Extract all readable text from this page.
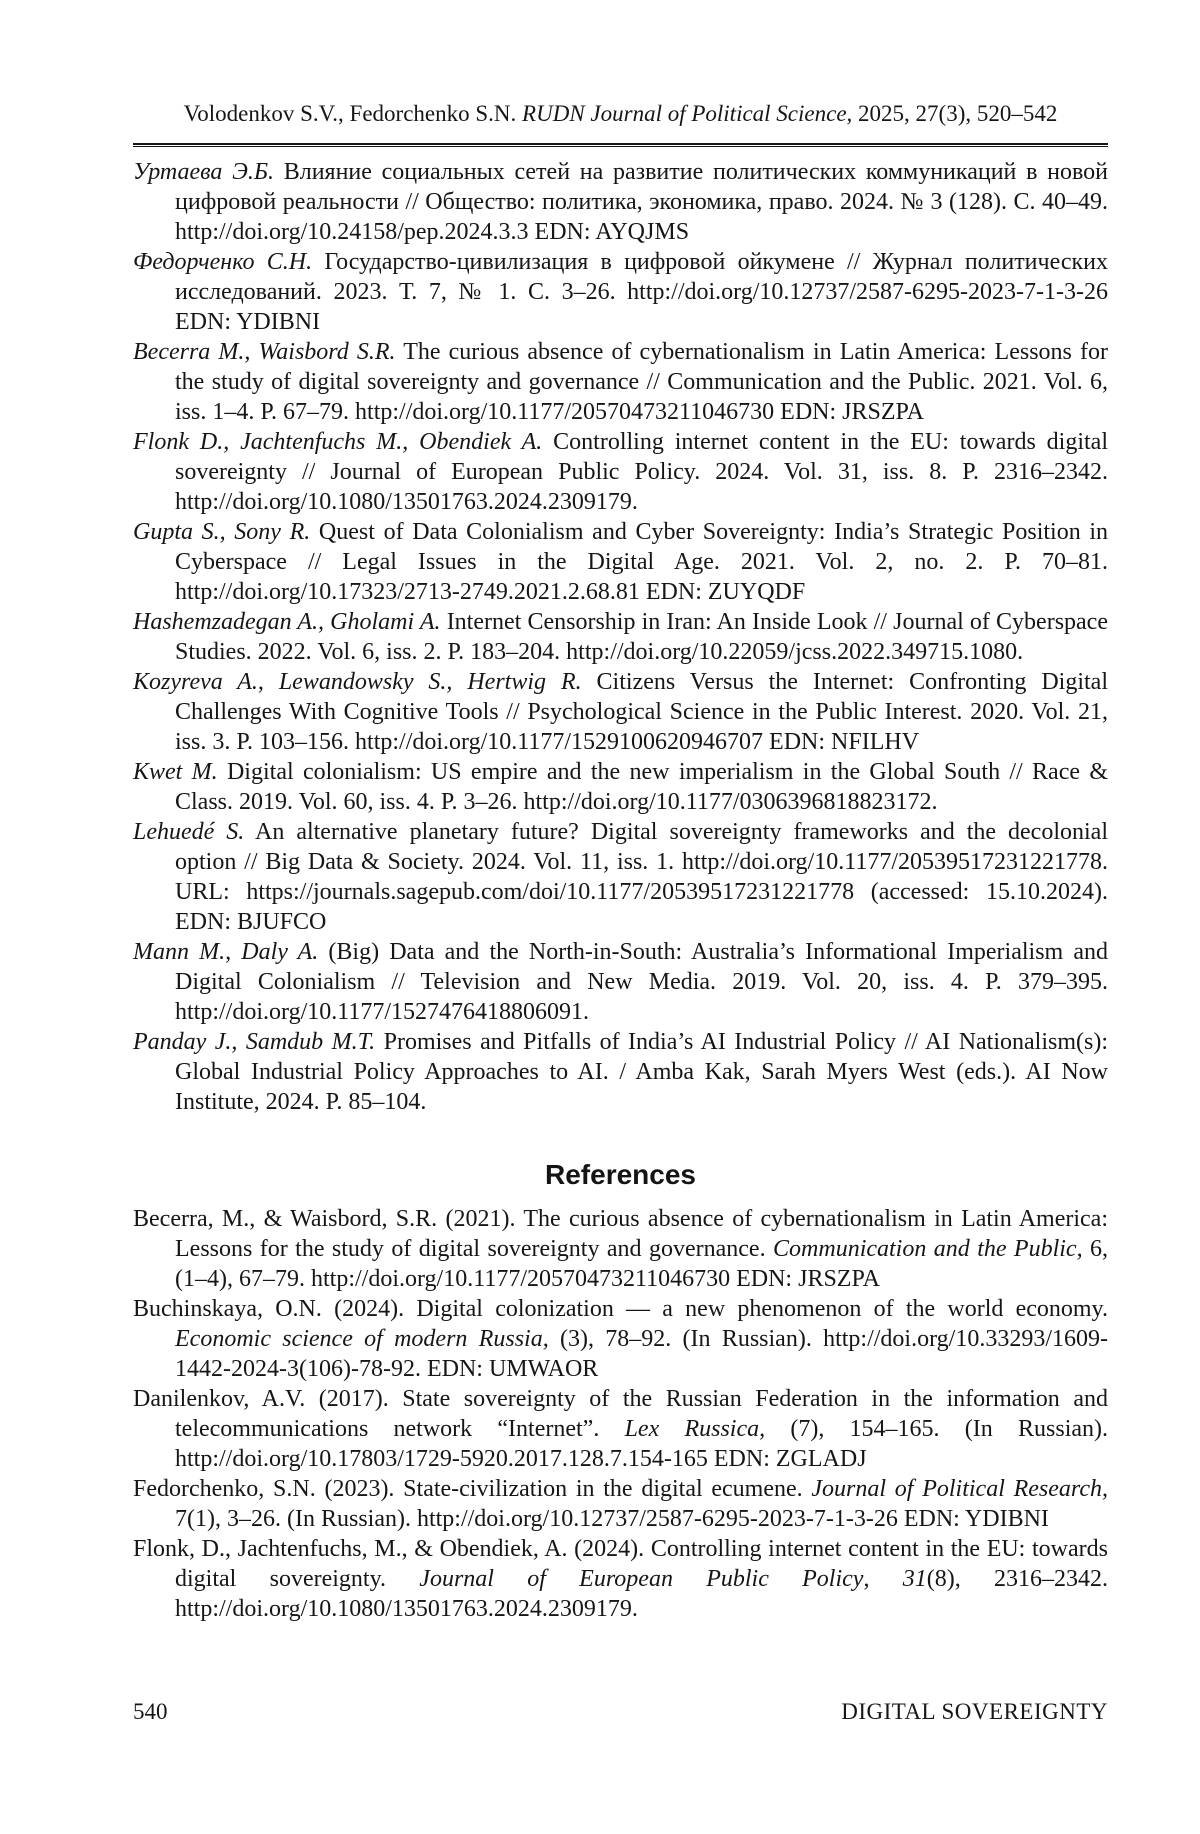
Volodenkov S.V., Fedorchenko S.N. RUDN Journal of Political Science, 2025, 27(3), 520–542

Уртаева Э.Б. Влияние социальных сетей на развитие политических коммуникаций в новой цифровой реальности // Общество: политика, экономика, право. 2024. № 3 (128). С. 40–49. http://doi.org/10.24158/pep.2024.3.3 EDN: AYQJMS

Федорченко С.Н. Государство-цивилизация в цифровой ойкумене // Журнал политических исследований. 2023. Т. 7, № 1. С. 3–26. http://doi.org/10.12737/2587-6295-2023-7-1-3-26 EDN: YDIBNI

Becerra M., Waisbord S.R. The curious absence of cybernationalism in Latin America: Lessons for the study of digital sovereignty and governance // Communication and the Public. 2021. Vol. 6, iss. 1–4. P. 67–79. http://doi.org/10.1177/20570473211046730 EDN: JRSZPA

Flonk D., Jachtenfuchs M., Obendiek A. Controlling internet content in the EU: towards digital sovereignty // Journal of European Public Policy. 2024. Vol. 31, iss. 8. P. 2316–2342. http://doi.org/10.1080/13501763.2024.2309179.

Gupta S., Sony R. Quest of Data Colonialism and Cyber Sovereignty: India’s Strategic Position in Cyberspace // Legal Issues in the Digital Age. 2021. Vol. 2, no. 2. P. 70–81. http://doi.org/10.17323/2713-2749.2021.2.68.81 EDN: ZUYQDF

Hashemzadegan A., Gholami A. Internet Censorship in Iran: An Inside Look // Journal of Cyberspace Studies. 2022. Vol. 6, iss. 2. P. 183–204. http://doi.org/10.22059/jcss.2022.349715.1080.

Kozyreva A., Lewandowsky S., Hertwig R. Citizens Versus the Internet: Confronting Digital Challenges With Cognitive Tools // Psychological Science in the Public Interest. 2020. Vol. 21, iss. 3. P. 103–156. http://doi.org/10.1177/1529100620946707 EDN: NFILHV

Kwet M. Digital colonialism: US empire and the new imperialism in the Global South // Race & Class. 2019. Vol. 60, iss. 4. P. 3–26. http://doi.org/10.1177/0306396818823172.

Lehuedé S. An alternative planetary future? Digital sovereignty frameworks and the decolonial option // Big Data & Society. 2024. Vol. 11, iss. 1. http://doi.org/10.1177/20539517231221778. URL: https://journals.sagepub.com/doi/10.1177/20539517231221778 (accessed: 15.10.2024). EDN: BJUFCO

Mann M., Daly A. (Big) Data and the North-in-South: Australia’s Informational Imperialism and Digital Colonialism // Television and New Media. 2019. Vol. 20, iss. 4. P. 379–395. http://doi.org/10.1177/1527476418806091.

Panday J., Samdub M.T. Promises and Pitfalls of India’s AI Industrial Policy // AI Nationalism(s): Global Industrial Policy Approaches to AI. / Amba Kak, Sarah Myers West (eds.). AI Now Institute, 2024. P. 85–104.

References

Becerra, M., & Waisbord, S.R. (2021). The curious absence of cybernationalism in Latin America: Lessons for the study of digital sovereignty and governance. Communication and the Public, 6, (1–4), 67–79. http://doi.org/10.1177/20570473211046730 EDN: JRSZPA

Buchinskaya, O.N. (2024). Digital colonization — a new phenomenon of the world economy. Economic science of modern Russia, (3), 78–92. (In Russian). http://doi.org/10.33293/1609-1442-2024-3(106)-78-92. EDN: UMWAOR

Danilenkov, A.V. (2017). State sovereignty of the Russian Federation in the information and telecommunications network “Internet”. Lex Russica, (7), 154–165. (In Russian). http://doi.org/10.17803/1729-5920.2017.128.7.154-165 EDN: ZGLADJ

Fedorchenko, S.N. (2023). State-civilization in the digital ecumene. Journal of Political Research, 7(1), 3–26. (In Russian). http://doi.org/10.12737/2587-6295-2023-7-1-3-26 EDN: YDIBNI

Flonk, D., Jachtenfuchs, M., & Obendiek, A. (2024). Controlling internet content in the EU: towards digital sovereignty. Journal of European Public Policy, 31(8), 2316–2342. http://doi.org/10.1080/13501763.2024.2309179.

540	DIGITAL SOVEREIGNTY
